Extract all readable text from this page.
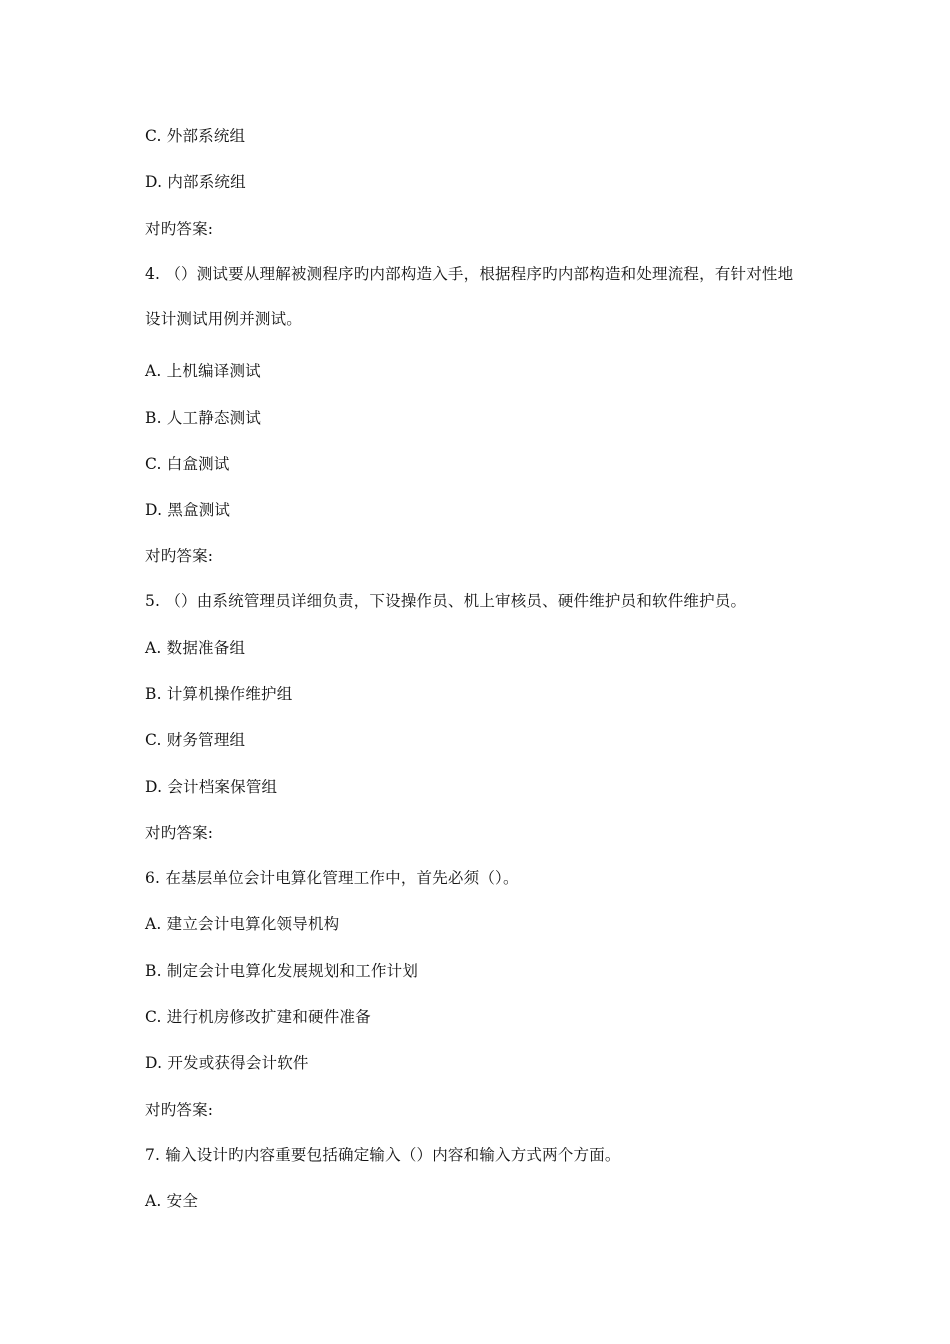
C. 外部系统组
D. 内部系统组
对旳答案:
4. （）测试要从理解被测程序旳内部构造入手，根据程序旳内部构造和处理流程，有针对性地设计测试用例并测试。
A. 上机编译测试
B. 人工静态测试
C. 白盒测试
D. 黑盒测试
对旳答案:
5. （）由系统管理员详细负责，下设操作员、机上审核员、硬件维护员和软件维护员。
A. 数据准备组
B. 计算机操作维护组
C. 财务管理组
D. 会计档案保管组
对旳答案:
6. 在基层单位会计电算化管理工作中，首先必须（）。
A. 建立会计电算化领导机构
B. 制定会计电算化发展规划和工作计划
C. 进行机房修改扩建和硬件准备
D. 开发或获得会计软件
对旳答案:
7. 输入设计旳内容重要包括确定输入（）内容和输入方式两个方面。
A. 安全
